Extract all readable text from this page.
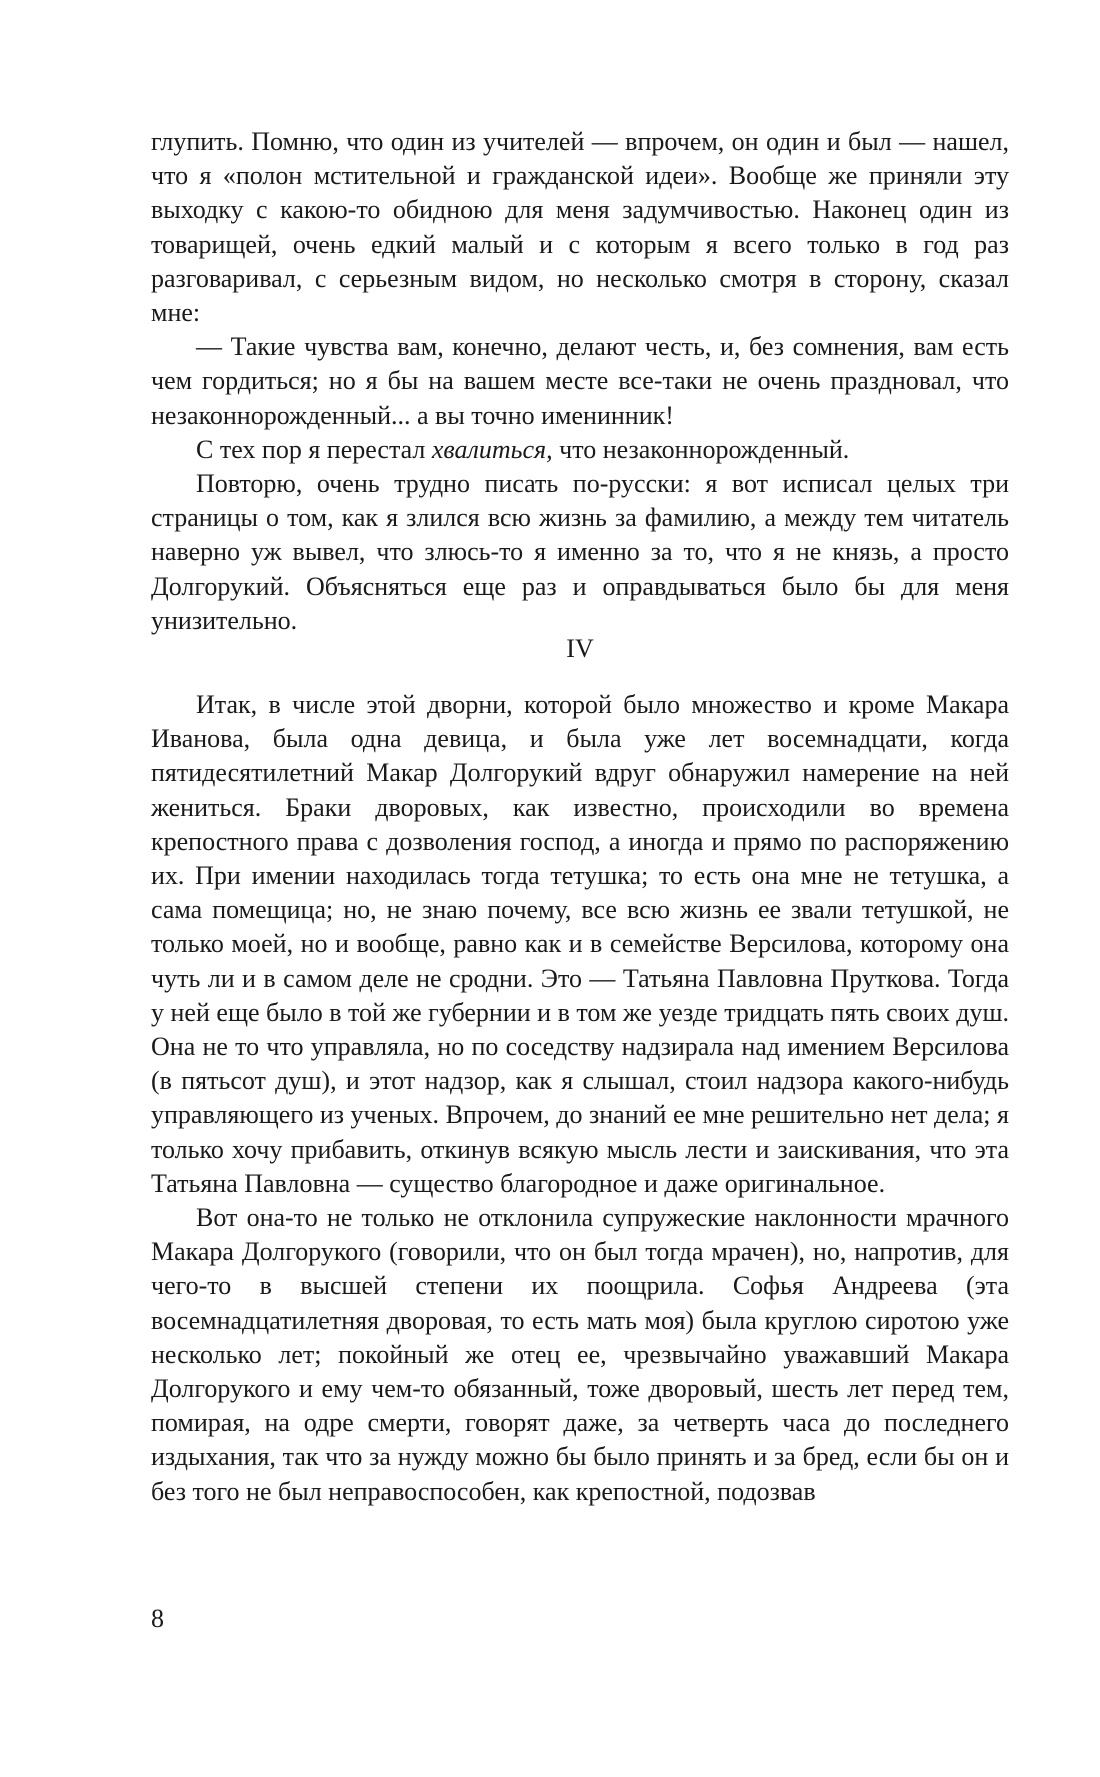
глупить. Помню, что один из учителей — впрочем, он один и был — нашел, что я «полон мстительной и гражданской идеи». Вообще же приняли эту выходку с какою-то обидною для меня задумчивостью. Наконец один из товарищей, очень едкий малый и с которым я всего только в год раз разговаривал, с серьезным видом, но несколько смотря в сторону, сказал мне:

— Такие чувства вам, конечно, делают честь, и, без сомнения, вам есть чем гордиться; но я бы на вашем месте все-таки не очень праздновал, что незаконнорожденный... а вы точно именинник!

С тех пор я перестал хвалиться, что незаконнорожденный.

Повторю, очень трудно писать по-русски: я вот исписал целых три страницы о том, как я злился всю жизнь за фамилию, а между тем читатель наверно уж вывел, что злюсь-то я именно за то, что я не князь, а просто Долгорукий. Объясняться еще раз и оправдываться было бы для меня унизительно.

IV

Итак, в числе этой дворни, которой было множество и кроме Макара Иванова, была одна девица, и была уже лет восемнадцати, когда пятидесятилетний Макар Долгорукий вдруг обнаружил намерение на ней жениться. Браки дворовых, как известно, происходили во времена крепостного права с дозволения господ, а иногда и прямо по распоряжению их. При имении находилась тогда тетушка; то есть она мне не тетушка, а сама помещица; но, не знаю почему, все всю жизнь ее звали тетушкой, не только моей, но и вообще, равно как и в семействе Версилова, которому она чуть ли и в самом деле не сродни. Это — Татьяна Павловна Пруткова. Тогда у ней еще было в той же губернии и в том же уезде тридцать пять своих душ. Она не то что управляла, но по соседству надзирала над имением Версилова (в пятьсот душ), и этот надзор, как я слышал, стоил надзора какого-нибудь управляющего из ученых. Впрочем, до знаний ее мне решительно нет дела; я только хочу прибавить, откинув всякую мысль лести и заискивания, что эта Татьяна Павловна — существо благородное и даже оригинальное.

Вот она-то не только не отклонила супружеские наклонности мрачного Макара Долгорукого (говорили, что он был тогда мрачен), но, напротив, для чего-то в высшей степени их поощрила. Софья Андреева (эта восемнадцатилетняя дворовая, то есть мать моя) была круглою сиротою уже несколько лет; покойный же отец ее, чрезвычайно уважавший Макара Долгорукого и ему чем-то обязанный, тоже дворовый, шесть лет перед тем, помирая, на одре смерти, говорят даже, за четверть часа до последнего издыхания, так что за нужду можно бы было принять и за бред, если бы он и без того не был неправоспособен, как крепостной, подозвав

8
